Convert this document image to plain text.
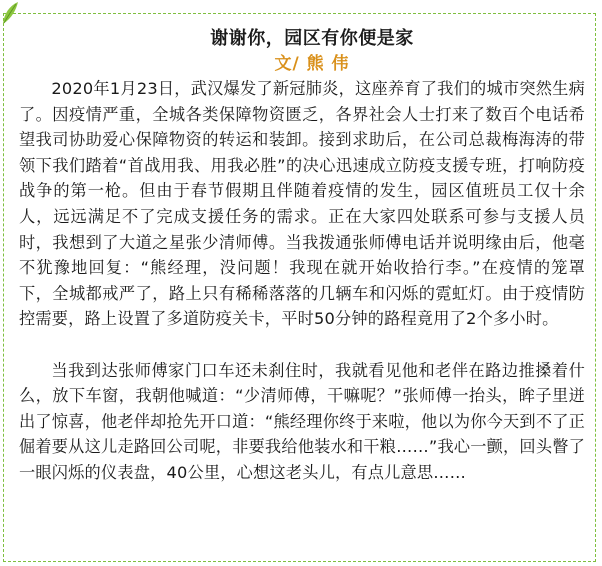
谢谢你，园区有你便是家
文/ 熊 伟

2020年1月23日，武汉爆发了新冠肺炎，这座养育了我们的城市突然生病了。因疫情严重，全城各类保障物资匮乏，各界社会人士打来了数百个电话希望我司协助爱心保障物资的转运和装卸。接到求助后，在公司总裁梅海涛的带领下我们踏着“首战用我、用我必胜”的决心迅速成立防疫支援专班，打响防疫战争的第一枪。但由于春节假期且伴随着疫情的发生，园区值班员工仅十余人，远远满足不了完成支援任务的需求。正在大家四处联系可参与支援人员时，我想到了大道之星张少清师傅。当我拨通张师傅电话并说明缘由后，他毫不犹豫地回复：“熊经理，没问题！我现在就开始收拾行李。”在疫情的笼罩下，全城都戒严了，路上只有稀稀落落的几辆车和闪烁的霓虹灯。由于疫情防控需要，路上设置了多道防疫关卡，平时50分钟的路程竟用了2个多小时。

当我到达张师傅家门口车还未刹住时，我就看见他和老伴在路边推搡着什么，放下车窗，我朝他喊道：“少清师傅，干嘛呢？”张师傅一抬头，眸子里迸出了惊喜，他老伴却抢先开口道：“熊经理你终于来啦，他以为你今天到不了正倔着要从这儿走路回公司呢，非要我给他装水和干粮……”我心一颤，回头瞥了一眼闪烁的仪表盘，40公里，心想这老头儿，有点儿意思……
